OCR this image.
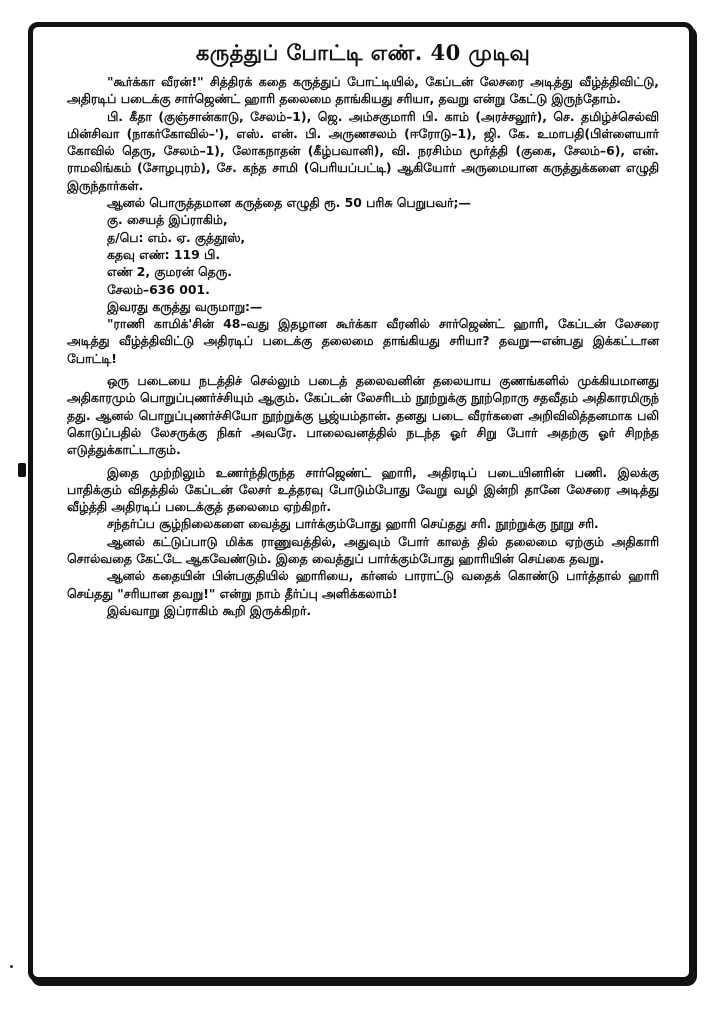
கருத்துப் போட்டி எண். 40 முடிவு

"கூர்க்கா வீரன்!" சித்திரக் கதை கருத்துப் போட்டியில், கேப்டன் லேசரை அடித்து வீழ்த்திவிட்டு, அதிரடிப் படைக்கு சார்ஜெண்ட் ஹாரி தலைமை தாங்கியது சரியா, தவறு என்று கேட்டு இருந்தோம்.

பி. கீதா (குஞ்சான்காடு, சேலம்–1), ஜெ. அம்சகுமாரி பி. காம் (அரச்சலூர்), செ. தமிழ்ச்செல்வி மின்சிவா (நாகர்கோவில்–'), எஸ். என். பி. அருணசலம் (ஈரோடு–1), ஜி. கே. உமாபதி(பிள்ளையார் கோவில் தெரு, சேலம்–1), லோகநாதன் (கீழ்பவானி), வி. நரசிம்ம மூர்த்தி (குகை, சேலம்–6), என். ராமலிங்கம் (சோழபுரம்), சே. கந்த சாமி (பெரியப்பட்டி) ஆகியோர் அருமையான கருத்துக்களை எழுதி இருந்தார்கள்.

ஆனல் பொருத்தமான கருத்தை எழுதி ரூ. 50 பரிசு பெறுபவர்;—

கு. சையத் இப்ராகிம்,
த/பெ: எம். ஏ. குத்தூஸ்,
கதவு எண்: 119 பி.
எண் 2, குமரன் தெரு.
சேலம்–636 001.

இவரது கருத்து வருமாறு:—

"ராணி காமிக்'சின் 48–வது இதழான கூர்க்கா வீரனில் சார்ஜெண்ட் ஹாரி, கேப்டன் லேசரை அடித்து வீழ்த்திவிட்டு அதிரடிப் படைக்கு தலைமை தாங்கியது சரியா? தவறு—என்பது இக்கட்டான போட்டி!

ஒரு படையை நடத்திச் செல்லும் படைத் தலைவனின் தலையாய குணங்களில் முக்கியமானது அதிகாரமும் பொறுப்புணர்ச்சியும் ஆகும். கேப்டன் லேசரிடம் நூற்றுக்கு நூற்றொரு சதவீதம் அதிகாரமிருந் தது. ஆனல் பொறுப்புணர்ச்சியோ நூற்றுக்கு பூஜ்யம்தான். தனது படை வீரர்களை அறிவிலித்தனமாக பலி கொடுப்பதில் லேசருக்கு நிகர் அவரே. பாலைவனத்தில் நடந்த ஓர் சிறு போர் அதற்கு ஓர் சிறந்த எடுத்துக்காட்டாகும்.

இதை முற்றிலும் உணர்ந்திருந்த சார்ஜெண்ட் ஹாரி, அதிரடிப் படையினரின் பணி. இலக்கு பாதிக்கும் விதத்தில் கேப்டன் லேசர் உத்தரவு போடும்போது வேறு வழி இன்றி தானே லேசரை அடித்து வீழ்த்தி அதிரடிப் படைக்குத் தலைமை ஏற்கிறர்.

சந்தர்ப்ப சூழ்நிலைகளை வைத்து பார்க்கும்போது ஹாரி செய்தது சரி. நூற்றுக்கு நூறு சரி.

ஆனல் கட்டுப்பாடு மிக்க ராணுவத்தில், அதுவும் போர் காலத் தில் தலைமை ஏற்கும் அதிகாரி சொல்வதை கேட்டே ஆகவேண்டும். இதை வைத்துப் பார்க்கும்போது ஹாரியின் செய்கை தவறு.

ஆனல் கதையின் பின்பகுதியில் ஹாரியை, கர்னல் பாராட்டு வதைக் கொண்டு பார்த்தால் ஹாரி செய்தது "சரியான தவறு!" என்று நாம் தீர்ப்பு அளிக்கலாம்!

இவ்வாறு இப்ராகிம் கூறி இருக்கிறர்.
